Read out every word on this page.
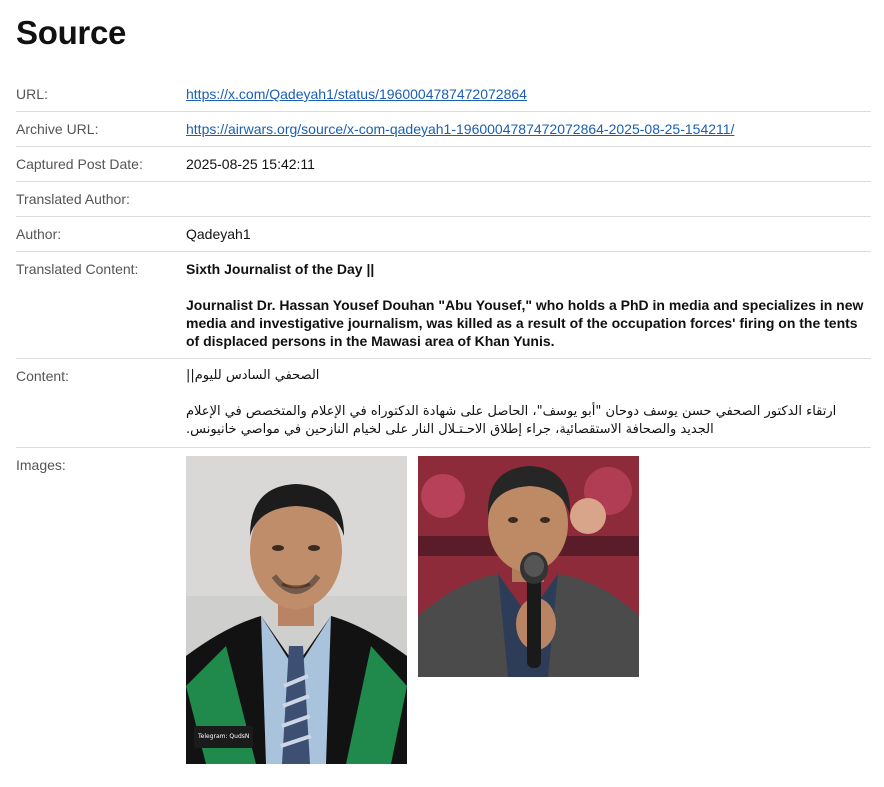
Source
URL:	https://x.com/Qadeyah1/status/1960004787472072864
Archive URL:	https://airwars.org/source/x-com-qadeyah1-1960004787472072864-2025-08-25-154211/
Captured Post Date:	2025-08-25 15:42:11
Translated Author:
Author:	Qadeyah1
Translated Content:	Sixth Journalist of the Day ||
Journalist Dr. Hassan Yousef Douhan "Abu Yousef," who holds a PhD in media and specializes in new media and investigative journalism, was killed as a result of the occupation forces' firing on the tents of displaced persons in the Mawasi area of Khan Yunis.
Content:	الصحفي السادس لليوم||
ارتقاء الدكتور الصحفي حسن يوسف دوحان "أبو يوسف"، الحاصل على شهادة الدكتوراه في الإعلام والمتخصص في الإعلام الجديد والصحافة الاستقصائية، جراء إطلاق الاحـتـلال النار على لخيام النازحين في مواصي خانيونس.
Images:
Telegram: QudsN
